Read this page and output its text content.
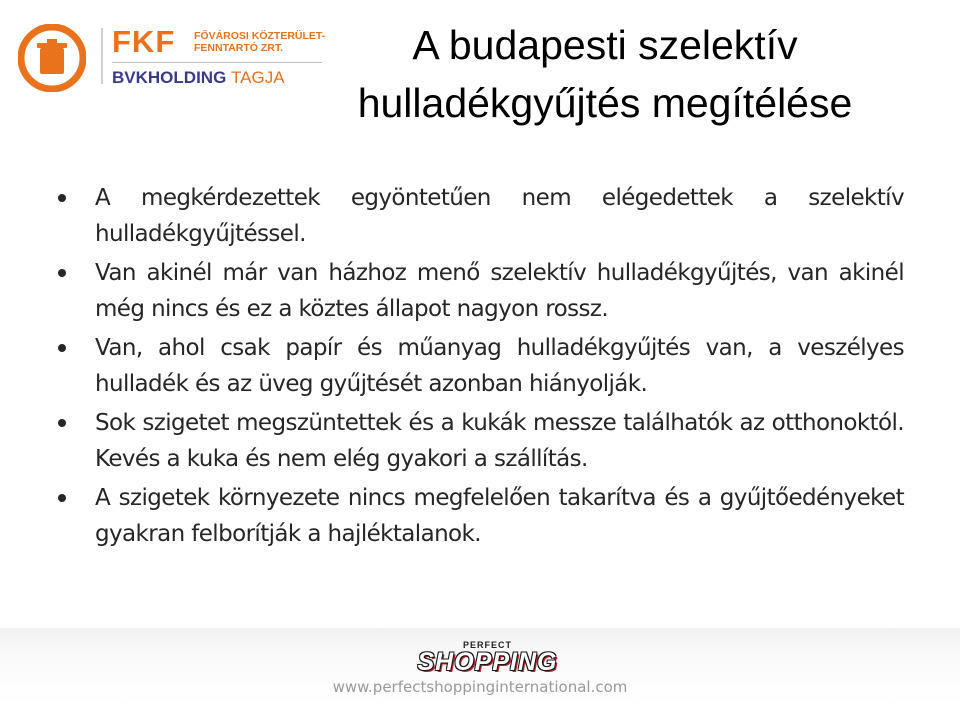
FKF FŐVÁROSI KÖZTERÜLET-
FENNTARTÓ ZRT.
BVKHOLDING TAGJA
A budapesti szelektív
hulladékgyűjtés megítélése
A megkérdezettek egyöntetűen nem elégedettek a szelektív hulladékgyűjtéssel.
Van akinél már van házhoz menő szelektív hulladékgyűjtés, van akinél még nincs és ez a köztes állapot nagyon rossz.
Van, ahol csak papír és műanyag hulladékgyűjtés van, a veszélyes hulladék és az üveg gyűjtését azonban hiányolják.
Sok szigetet megszüntettek és a kukák messze találhatók az otthonoktól. Kevés a kuka és nem elég gyakori a szállítás.
A szigetek környezete nincs megfelelően takarítva és a gyűjtőedényeket gyakran felborítják a hajléktalanok.
PERFECT
SHOPPING
www.perfectshoppinginternational.com
